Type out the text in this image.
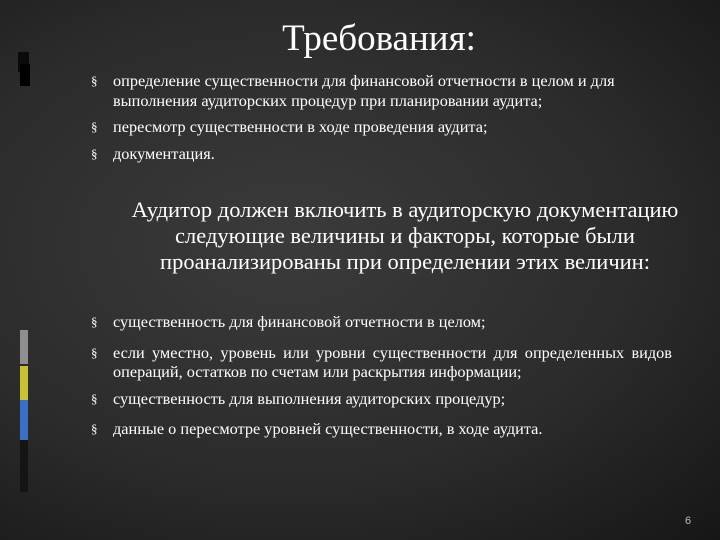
Требования:
§ определение существенности для финансовой отчетности в целом и для выполнения аудиторских процедур при планировании аудита;
§ пересмотр существенности в ходе проведения аудита;
§ документация.
Аудитор должен включить в аудиторскую документацию следующие величины и факторы, которые были проанализированы при определении этих величин:
§ существенность для финансовой отчетности в целом;
§ если уместно, уровень или уровни существенности для определенных видов операций, остатков по счетам или раскрытия информации;
§ существенность для выполнения аудиторских процедур;
§ данные о пересмотре уровней существенности, в ходе аудита.
6
